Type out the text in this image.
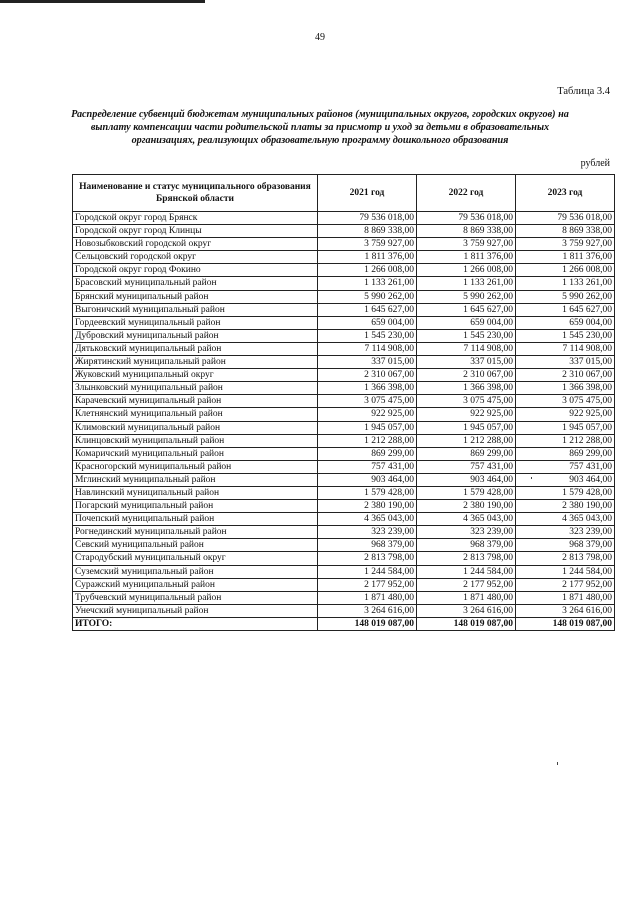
49
Таблица 3.4
Распределение субвенций бюджетам муниципальных районов (муниципальных округов, городских округов) на выплату компенсации части родительской платы за присмотр и уход за детьми в образовательных организациях, реализующих образовательную программу дошкольного образования
рублей
Наименование и статус муниципального образования Брянской области	2021 год	2022 год	2023 год
Городской округ город Брянск	79 536 018,00	79 536 018,00	79 536 018,00
Городской округ город Клинцы	8 869 338,00	8 869 338,00	8 869 338,00
Новозыбковский городской округ	3 759 927,00	3 759 927,00	3 759 927,00
Сельцовский городской округ	1 811 376,00	1 811 376,00	1 811 376,00
Городской округ город Фокино	1 266 008,00	1 266 008,00	1 266 008,00
Брасовский муниципальный район	1 133 261,00	1 133 261,00	1 133 261,00
Брянский муниципальный район	5 990 262,00	5 990 262,00	5 990 262,00
Выгоничский муниципальный район	1 645 627,00	1 645 627,00	1 645 627,00
Гордеевский муниципальный район	659 004,00	659 004,00	659 004,00
Дубровский муниципальный район	1 545 230,00	1 545 230,00	1 545 230,00
Дятьковский муниципальный район	7 114 908,00	7 114 908,00	7 114 908,00
Жирятинский муниципальный район	337 015,00	337 015,00	337 015,00
Жуковский муниципальный округ	2 310 067,00	2 310 067,00	2 310 067,00
Злынковский муниципальный район	1 366 398,00	1 366 398,00	1 366 398,00
Карачевский муниципальный район	3 075 475,00	3 075 475,00	3 075 475,00
Клетнянский муниципальный район	922 925,00	922 925,00	922 925,00
Климовский муниципальный район	1 945 057,00	1 945 057,00	1 945 057,00
Клинцовский муниципальный район	1 212 288,00	1 212 288,00	1 212 288,00
Комаричский муниципальный район	869 299,00	869 299,00	869 299,00
Красногорский муниципальный район	757 431,00	757 431,00	757 431,00
Мглинский муниципальный район	903 464,00	903 464,00	903 464,00
Навлинский муниципальный район	1 579 428,00	1 579 428,00	1 579 428,00
Погарский муниципальный район	2 380 190,00	2 380 190,00	2 380 190,00
Почепский муниципальный район	4 365 043,00	4 365 043,00	4 365 043,00
Рогнединский муниципальный район	323 239,00	323 239,00	323 239,00
Севский муниципальный район	968 379,00	968 379,00	968 379,00
Стародубский муниципальный округ	2 813 798,00	2 813 798,00	2 813 798,00
Суземский муниципальный район	1 244 584,00	1 244 584,00	1 244 584,00
Суражский муниципальный район	2 177 952,00	2 177 952,00	2 177 952,00
Трубчевский муниципальный район	1 871 480,00	1 871 480,00	1 871 480,00
Унечский муниципальный район	3 264 616,00	3 264 616,00	3 264 616,00
ИТОГО:	148 019 087,00	148 019 087,00	148 019 087,00
